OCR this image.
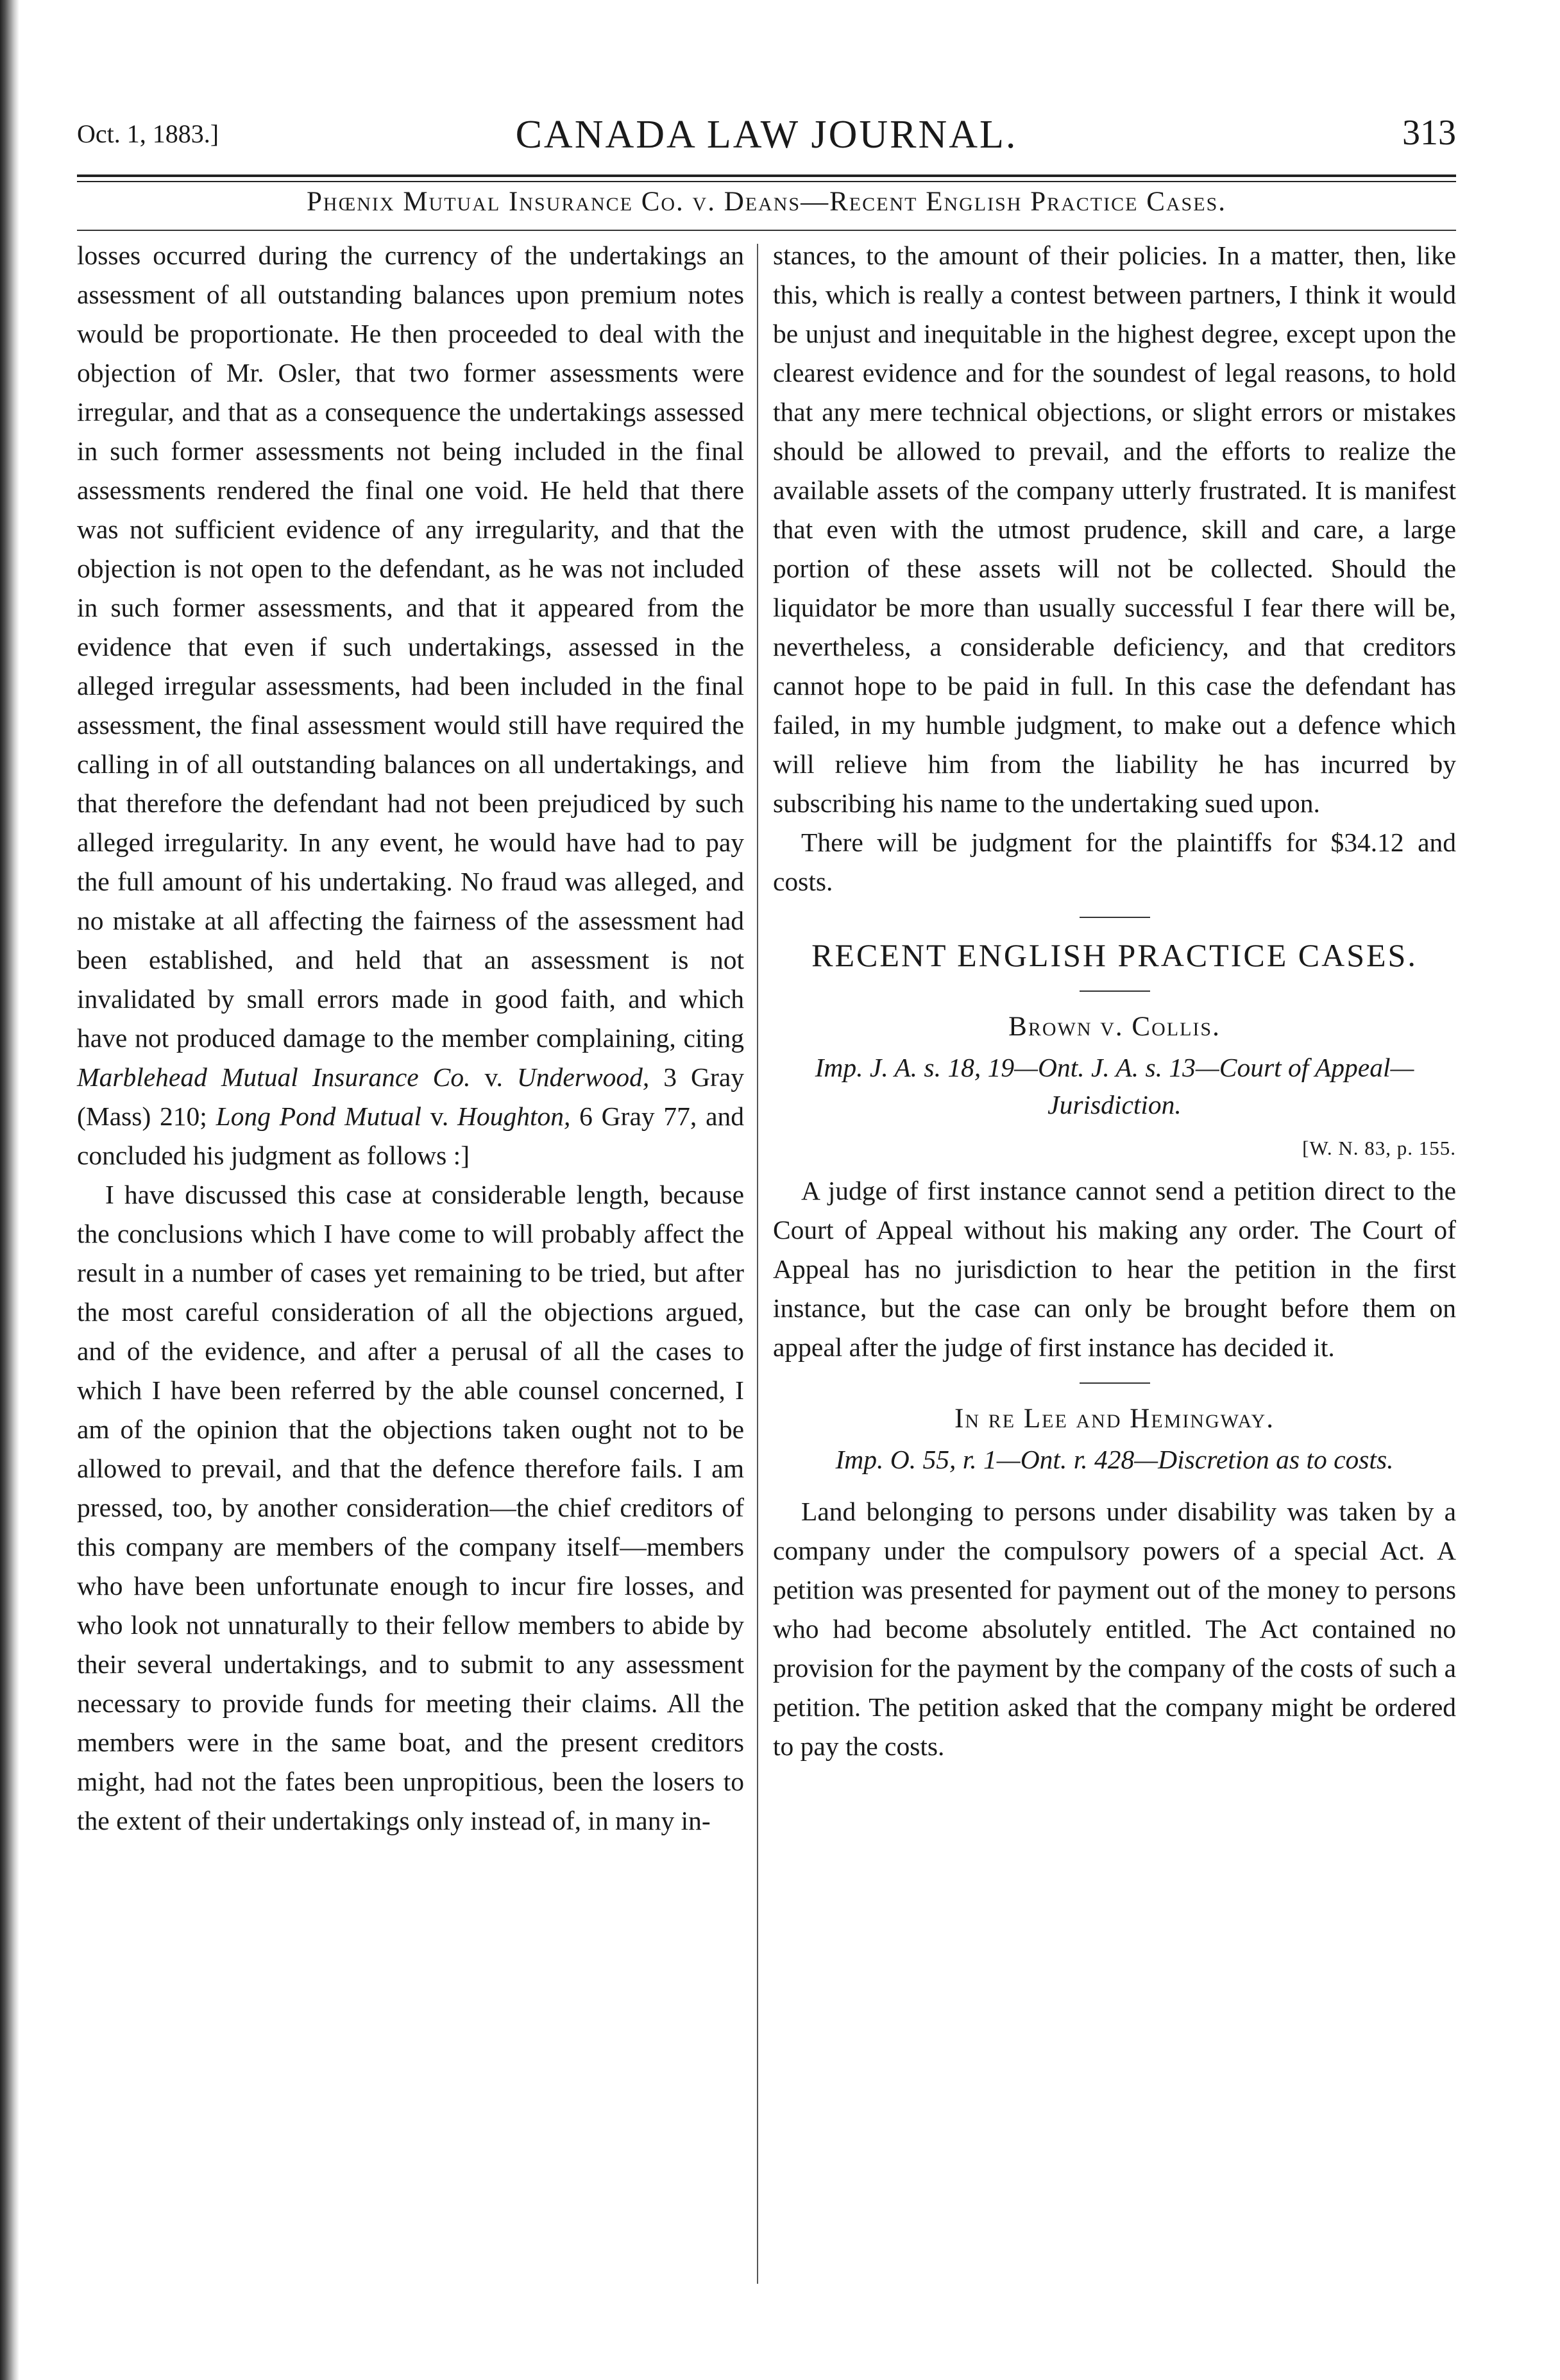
Oct. 1, 1883.]	CANADA LAW JOURNAL.	313
Phœnix Mutual Insurance Co. v. Deans—Recent English Practice Cases.

losses occurred during the currency of the undertakings an assessment of all outstanding balances upon premium notes would be proportionate. He then proceeded to deal with the objection of Mr. Osler, that two former assessments were irregular, and that as a consequence the undertakings assessed in such former assessments not being included in the final assessments rendered the final one void. He held that there was not sufficient evidence of any irregularity, and that the objection is not open to the defendant, as he was not included in such former assessments, and that it appeared from the evidence that even if such undertakings, assessed in the alleged irregular assessments, had been included in the final assessment, the final assessment would still have required the calling in of all outstanding balances on all undertakings, and that therefore the defendant had not been prejudiced by such alleged irregularity. In any event, he would have had to pay the full amount of his undertaking. No fraud was alleged, and no mistake at all affecting the fairness of the assessment had been established, and held that an assessment is not invalidated by small errors made in good faith, and which have not produced damage to the member complaining, citing Marblehead Mutual Insurance Co. v. Underwood, 3 Gray (Mass) 210; Long Pond Mutual v. Houghton, 6 Gray 77, and concluded his judgment as follows :]

I have discussed this case at considerable length, because the conclusions which I have come to will probably affect the result in a number of cases yet remaining to be tried, but after the most careful consideration of all the objections argued, and of the evidence, and after a perusal of all the cases to which I have been referred by the able counsel concerned, I am of the opinion that the objections taken ought not to be allowed to prevail, and that the defence therefore fails. I am pressed, too, by another consideration—the chief creditors of this company are members of the company itself—members who have been unfortunate enough to incur fire losses, and who look not unnaturally to their fellow members to abide by their several undertakings, and to submit to any assessment necessary to provide funds for meeting their claims. All the members were in the same boat, and the present creditors might, had not the fates been unpropitious, been the losers to the extent of their undertakings only instead of, in many in-

stances, to the amount of their policies. In a matter, then, like this, which is really a contest between partners, I think it would be unjust and inequitable in the highest degree, except upon the clearest evidence and for the soundest of legal reasons, to hold that any mere technical objections, or slight errors or mistakes should be allowed to prevail, and the efforts to realize the available assets of the company utterly frustrated. It is manifest that even with the utmost prudence, skill and care, a large portion of these assets will not be collected. Should the liquidator be more than usually successful I fear there will be, nevertheless, a considerable deficiency, and that creditors cannot hope to be paid in full. In this case the defendant has failed, in my humble judgment, to make out a defence which will relieve him from the liability he has incurred by subscribing his name to the undertaking sued upon.

There will be judgment for the plaintiffs for $34.12 and costs.

RECENT ENGLISH PRACTICE CASES.
Brown v. Collis.
Imp. J. A. s. 18, 19—Ont. J. A. s. 13—Court of Appeal—Jurisdiction.
[W. N. 83, p. 155.

A judge of first instance cannot send a petition direct to the Court of Appeal without his making any order. The Court of Appeal has no jurisdiction to hear the petition in the first instance, but the case can only be brought before them on appeal after the judge of first instance has decided it.

In re Lee and Hemingway.
Imp. O. 55, r. 1—Ont. r. 428—Discretion as to costs.

Land belonging to persons under disability was taken by a company under the compulsory powers of a special Act. A petition was presented for payment out of the money to persons who had become absolutely entitled. The Act contained no provision for the payment by the company of the costs of such a petition. The petition asked that the company might be ordered to pay the costs.
